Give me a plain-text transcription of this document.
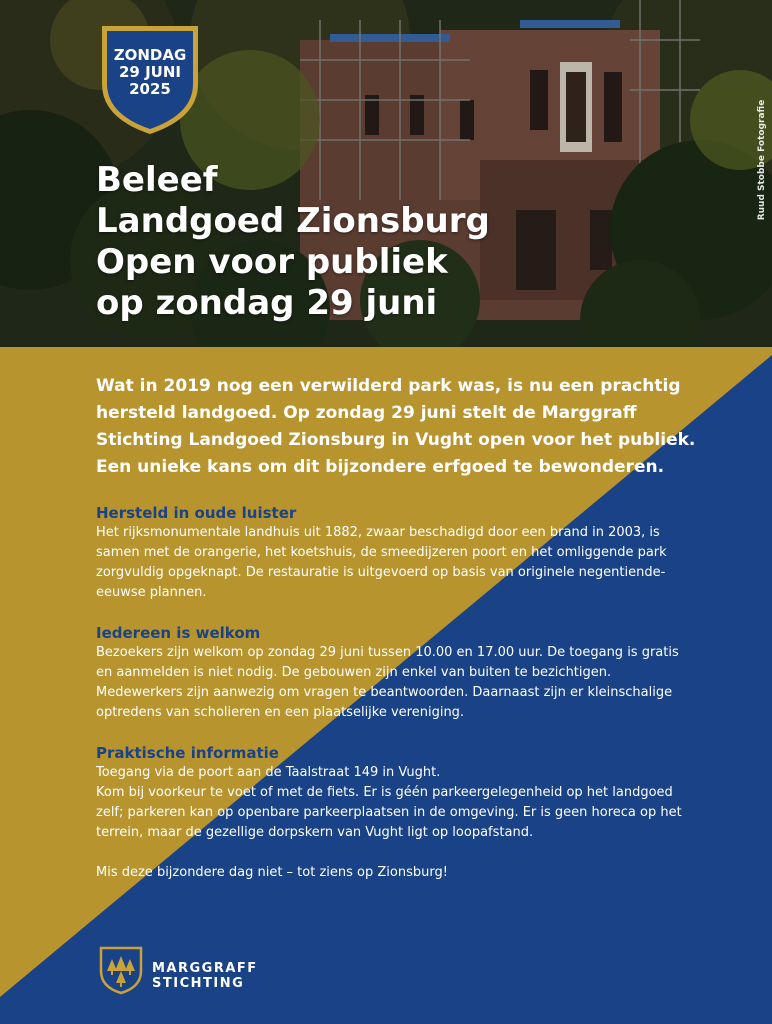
ZONDAG
29 JUNI
2025
Beleef
Landgoed Zionsburg
Open voor publiek
op zondag 29 juni
Ruud Stobbe Fotografie

Wat in 2019 nog een verwilderd park was, is nu een prachtig hersteld landgoed. Op zondag 29 juni stelt de Marggraff Stichting Landgoed Zionsburg in Vught open voor het publiek. Een unieke kans om dit bijzondere erfgoed te bewonderen.

Hersteld in oude luister

Het rijksmonumentale landhuis uit 1882, zwaar beschadigd door een brand in 2003, is samen met de orangerie, het koetshuis, de smeedijzeren poort en het omliggende park zorgvuldig opgeknapt. De restauratie is uitgevoerd op basis van originele negentiende-eeuwse plannen.

Iedereen is welkom

Bezoekers zijn welkom op zondag 29 juni tussen 10.00 en 17.00 uur. De toegang is gratis en aanmelden is niet nodig. De gebouwen zijn enkel van buiten te bezichtigen. Medewerkers zijn aanwezig om vragen te beantwoorden. Daarnaast zijn er kleinschalige optredens van scholieren en een plaatselijke vereniging.

Praktische informatie

Toegang via de poort aan de Taalstraat 149 in Vught.
Kom bij voorkeur te voet of met de fiets. Er is géén parkeergelegenheid op het landgoed zelf; parkeren kan op openbare parkeerplaatsen in de omgeving. Er is geen horeca op het terrein, maar de gezellige dorpskern van Vught ligt op loopafstand.

Mis deze bijzondere dag niet – tot ziens op Zionsburg!

MARGGRAFF
STICHTING
